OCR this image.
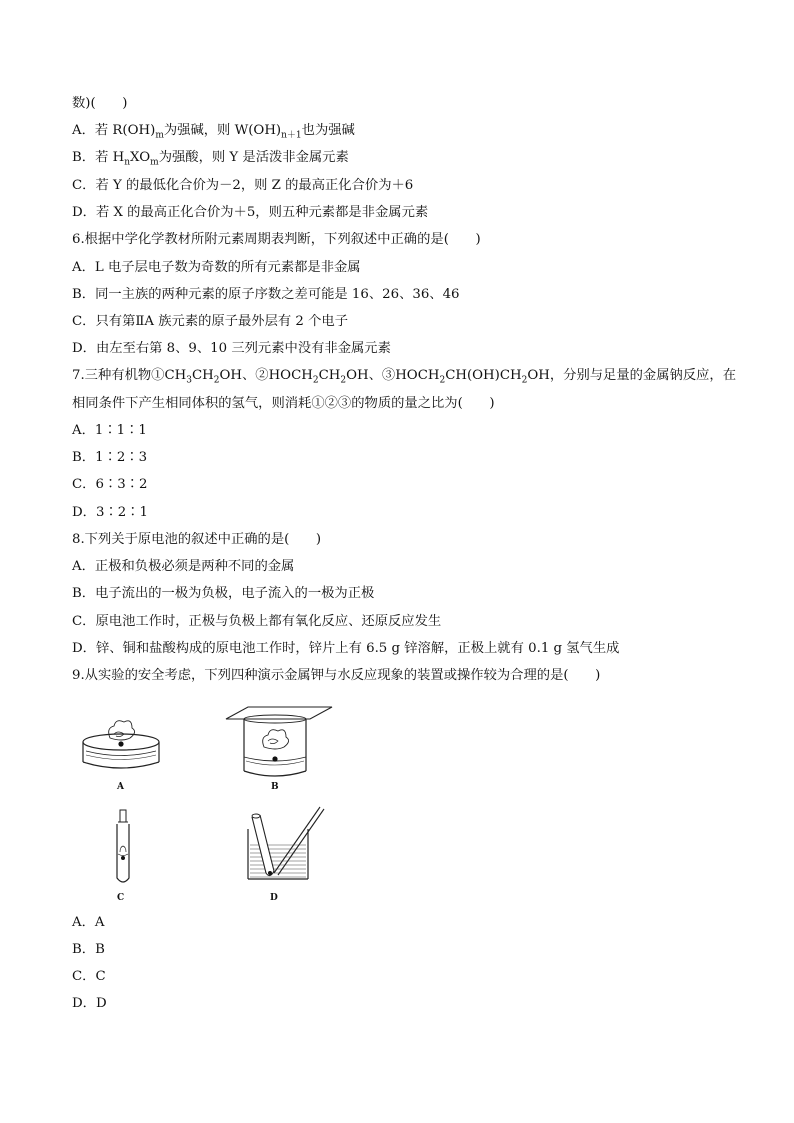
数)(　　)
A．若 $R(OH)_m$为强碱，则 $W(OH)_{n+1}$也为强碱
B．若 $H_nXO_m$为强酸，则 Y 是活泼非金属元素
C．若 Y 的最低化合价为－2，则 Z 的最高正化合价为＋6
D．若 X 的最高正化合价为＋5，则五种元素都是非金属元素
6.根据中学化学教材所附元素周期表判断，下列叙述中正确的是(　　)
A．L 电子层电子数为奇数的所有元素都是非金属
B．同一主族的两种元素的原子序数之差可能是 16、26、36、46
C．只有第ⅡA 族元素的原子最外层有 2 个电子
D．由左至右第 8、9、10 三列元素中没有非金属元素
7.三种有机物$①CH_3CH_2OH$、$②HOCH_2CH_2OH$、$③HOCH_2CH(OH)CH_2OH$，分别与足量的金属钠反应，在
相同条件下产生相同体积的氢气，则消耗①②③的物质的量之比为(　　)
A．1∶1∶1
B．1∶2∶3
C．6∶3∶2
D．3∶2∶1
8.下列关于原电池的叙述中正确的是(　　)
A．正极和负极必须是两种不同的金属
B．电子流出的一极为负极，电子流入的一极为正极
C．原电池工作时，正极与负极上都有氧化反应、还原反应发生
D．锌、铜和盐酸构成的原电池工作时，锌片上有 6.5 g 锌溶解，正极上就有 0.1 g 氢气生成
9.从实验的安全考虑，下列四种演示金属钾与水反应现象的装置或操作较为合理的是(　　)
A	B
C	D
A．A
B．B
C．C
D．D
